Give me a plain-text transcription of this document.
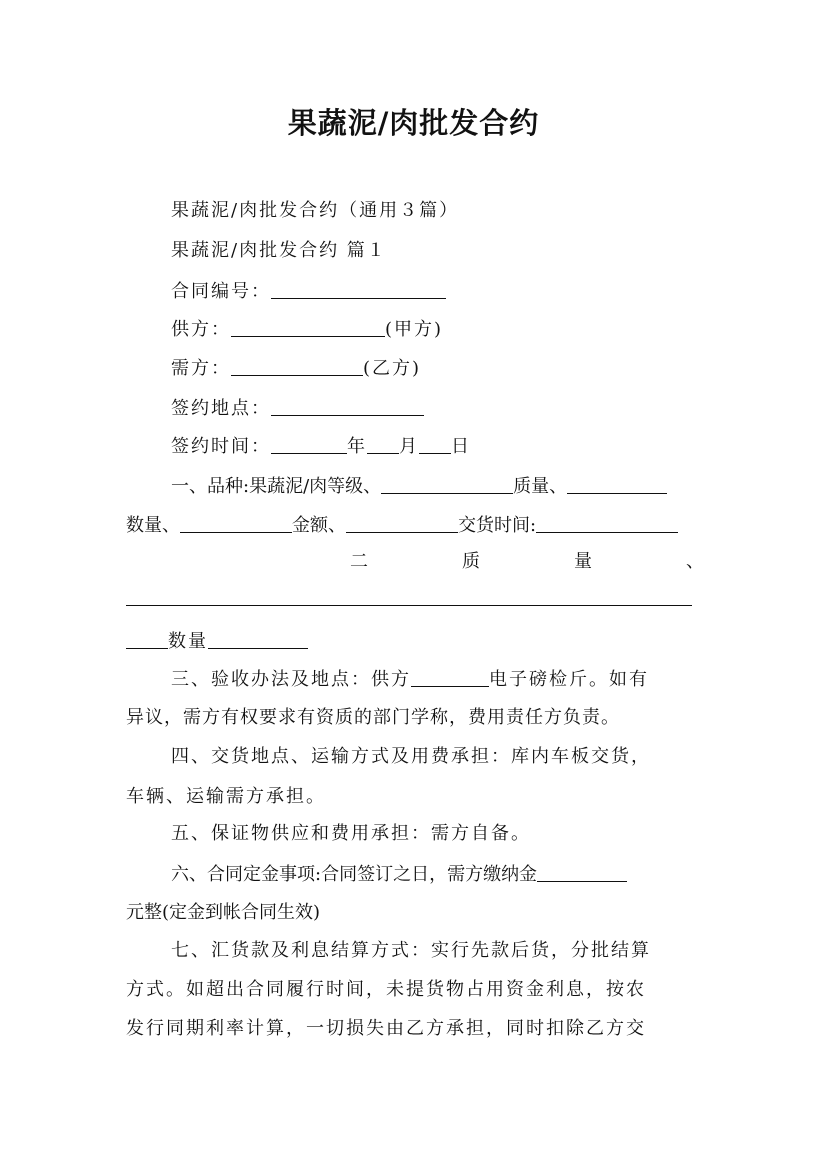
果蔬泥/肉批发合约
果蔬泥/肉批发合约（通用３篇）
果蔬泥/肉批发合约 篇１
合同编号：
供方：	(甲方)
需方：	(乙方)
签约地点：
签约时间：	年 月 日
一、品种:果蔬泥/肉等级、	质量、
数量、	金额、	交货时间:
二	质	量	、
数量
三、验收办法及地点：供方	电子磅检斤。如有
异议，需方有权要求有资质的部门学称，费用责任方负责。
四、交货地点、运输方式及用费承担：库内车板交货，
车辆、运输需方承担。
五、保证物供应和费用承担：需方自备。
六、合同定金事项:合同签订之日，需方缴纳金
元整(定金到帐合同生效)
七、汇货款及利息结算方式：实行先款后货，分批结算
方式。如超出合同履行时间，未提货物占用资金利息，按农
发行同期利率计算，一切损失由乙方承担，同时扣除乙方交
